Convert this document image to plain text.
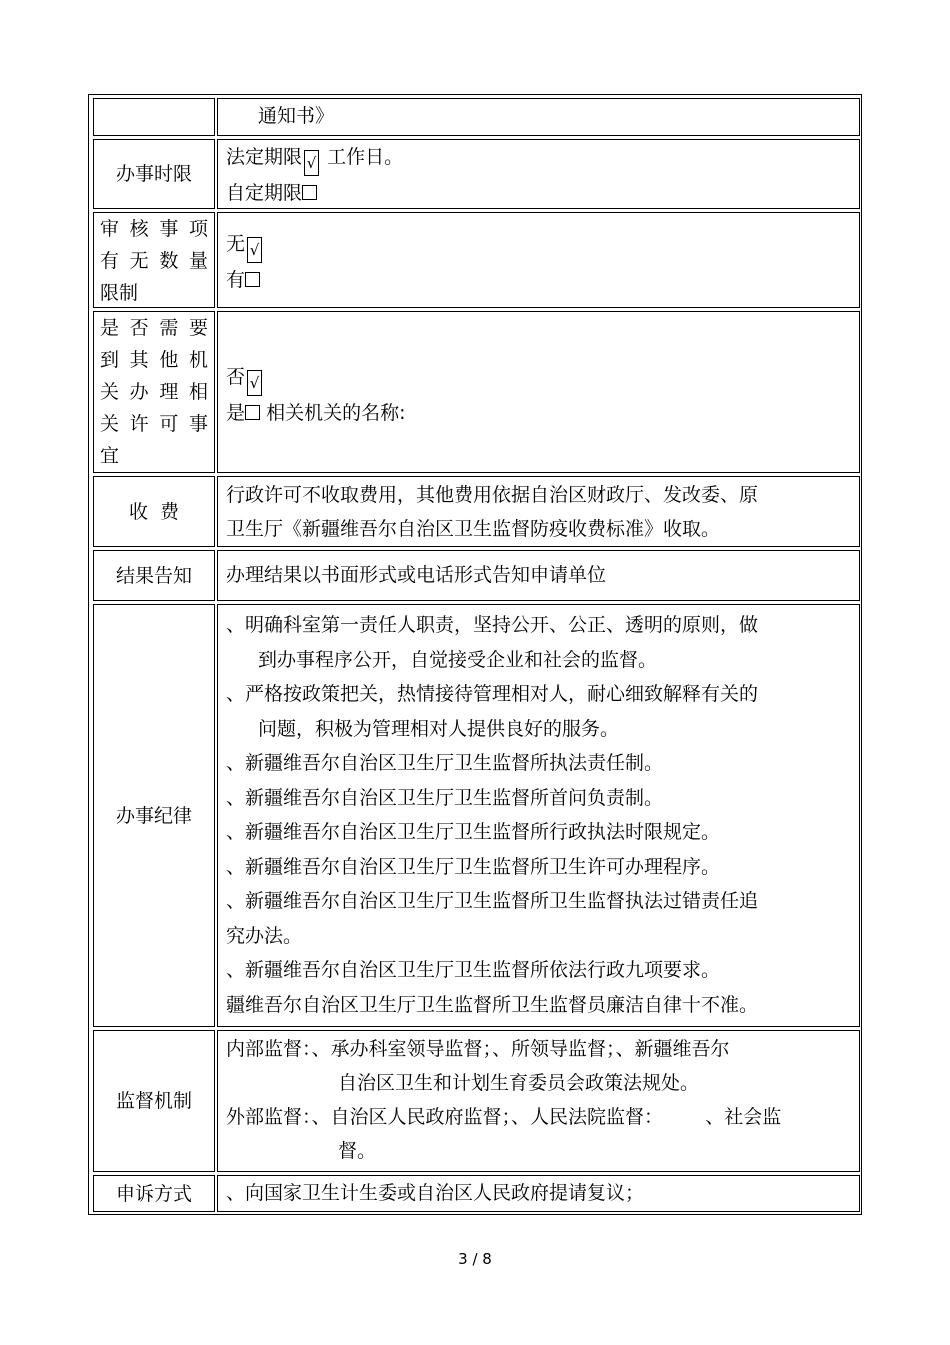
通知书》
办事时限
法定期限 √ 工作日。
自定期限
审核事项
有无数量
限制
无 √
有
是否需要
到其他机
关办理相
关许可事
宜
否 √
是 相关机关的名称:
收  费
行政许可不收取费用，其他费用依据自治区财政厅、发改委、原
卫生厅《新疆维吾尔自治区卫生监督防疫收费标准》收取。
结果告知 办理结果以书面形式或电话形式告知申请单位
办事纪律
、明确科室第一责任人职责，坚持公开、公正、透明的原则，做
到办事程序公开，自觉接受企业和社会的监督。
、严格按政策把关，热情接待管理相对人，耐心细致解释有关的
问题，积极为管理相对人提供良好的服务。
、新疆维吾尔自治区卫生厅卫生监督所执法责任制。
、新疆维吾尔自治区卫生厅卫生监督所首问负责制。
、新疆维吾尔自治区卫生厅卫生监督所行政执法时限规定。
、新疆维吾尔自治区卫生厅卫生监督所卫生许可办理程序。
、新疆维吾尔自治区卫生厅卫生监督所卫生监督执法过错责任追
究办法。
、新疆维吾尔自治区卫生厅卫生监督所依法行政九项要求。
疆维吾尔自治区卫生厅卫生监督所卫生监督员廉洁自律十不准。
监督机制
内部监督：、承办科室领导监督；、所领导监督；、新疆维吾尔
自治区卫生和计划生育委员会政策法规处。
外部监督：、自治区人民政府监督；、人民法院监督：       、社会监
督。
申诉方式 、向国家卫生计生委或自治区人民政府提请复议；
3 / 8
